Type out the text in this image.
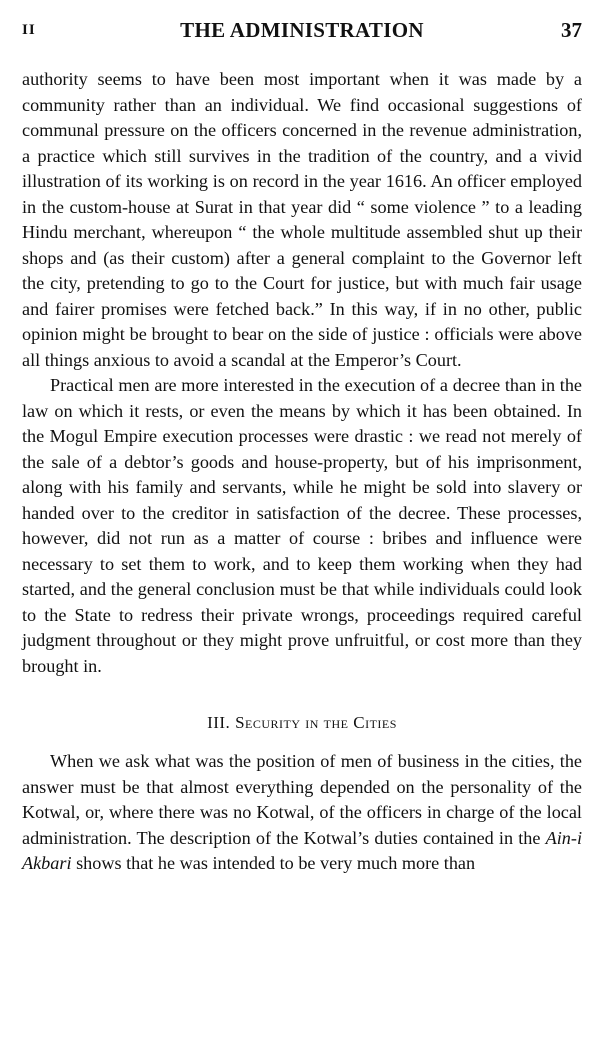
II	THE ADMINISTRATION	37

authority seems to have been most important when it was made by a community rather than an individual. We find occasional suggestions of communal pressure on the officers concerned in the revenue administration, a practice which still survives in the tradition of the country, and a vivid illustration of its working is on record in the year 1616. An officer employed in the custom-house at Surat in that year did “ some violence ” to a leading Hindu merchant, whereupon “ the whole multitude assembled shut up their shops and (as their custom) after a general complaint to the Governor left the city, pretending to go to the Court for justice, but with much fair usage and fairer promises were fetched back.” In this way, if in no other, public opinion might be brought to bear on the side of justice : officials were above all things anxious to avoid a scandal at the Emperor’s Court.

Practical men are more interested in the execution of a decree than in the law on which it rests, or even the means by which it has been obtained. In the Mogul Empire execution processes were drastic : we read not merely of the sale of a debtor’s goods and house-property, but of his imprisonment, along with his family and servants, while he might be sold into slavery or handed over to the creditor in satisfaction of the decree. These processes, however, did not run as a matter of course : bribes and influence were necessary to set them to work, and to keep them working when they had started, and the general conclusion must be that while individuals could look to the State to redress their private wrongs, proceedings required careful judgment throughout or they might prove unfruitful, or cost more than they brought in.

III. Security in the Cities

When we ask what was the position of men of business in the cities, the answer must be that almost everything depended on the personality of the Kotwal, or, where there was no Kotwal, of the officers in charge of the local administration. The description of the Kotwal’s duties contained in the Ain-i Akbari shows that he was intended to be very much more than
